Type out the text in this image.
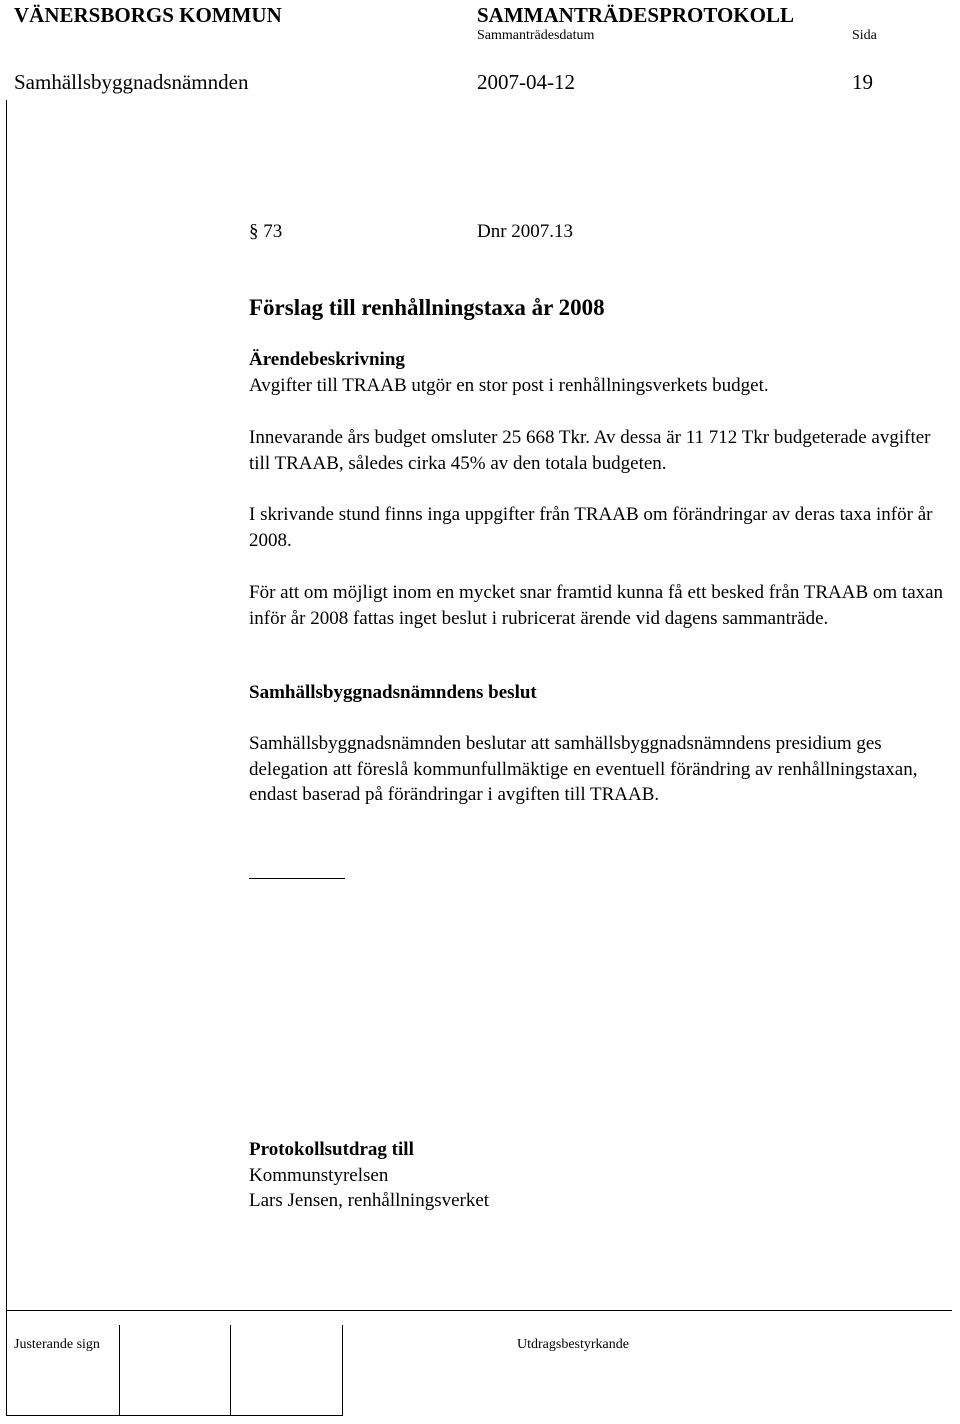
VÄNERSBORGS KOMMUN	SAMMANTRÄDESPROTOKOLL
Sammanträdesdatum	Sida
Samhällsbyggnadsnämnden	2007-04-12	19
§ 73	Dnr 2007.13
Förslag till renhållningstaxa år 2008
Ärendebeskrivning
Avgifter till TRAAB utgör en stor post i renhållningsverkets budget.
Innevarande års budget omsluter 25 668 Tkr. Av dessa är 11 712 Tkr budgeterade avgifter till TRAAB, således cirka 45% av den totala budgeten.
I skrivande stund finns inga uppgifter från TRAAB om förändringar av deras taxa inför år 2008.
För att om möjligt inom en mycket snar framtid kunna få ett besked från TRAAB om taxan inför år 2008 fattas inget beslut i rubricerat ärende vid dagens sammanträde.
Samhällsbyggnadsnämndens beslut
Samhällsbyggnadsnämnden beslutar att samhällsbyggnadsnämndens presidium ges delegation att föreslå kommunfullmäktige en eventuell förändring av renhållningstaxan, endast baserad på förändringar i avgiften till TRAAB.
Protokollsutdrag till
Kommunstyrelsen
Lars Jensen, renhållningsverket
Justerande sign	Utdragsbestyrkande
